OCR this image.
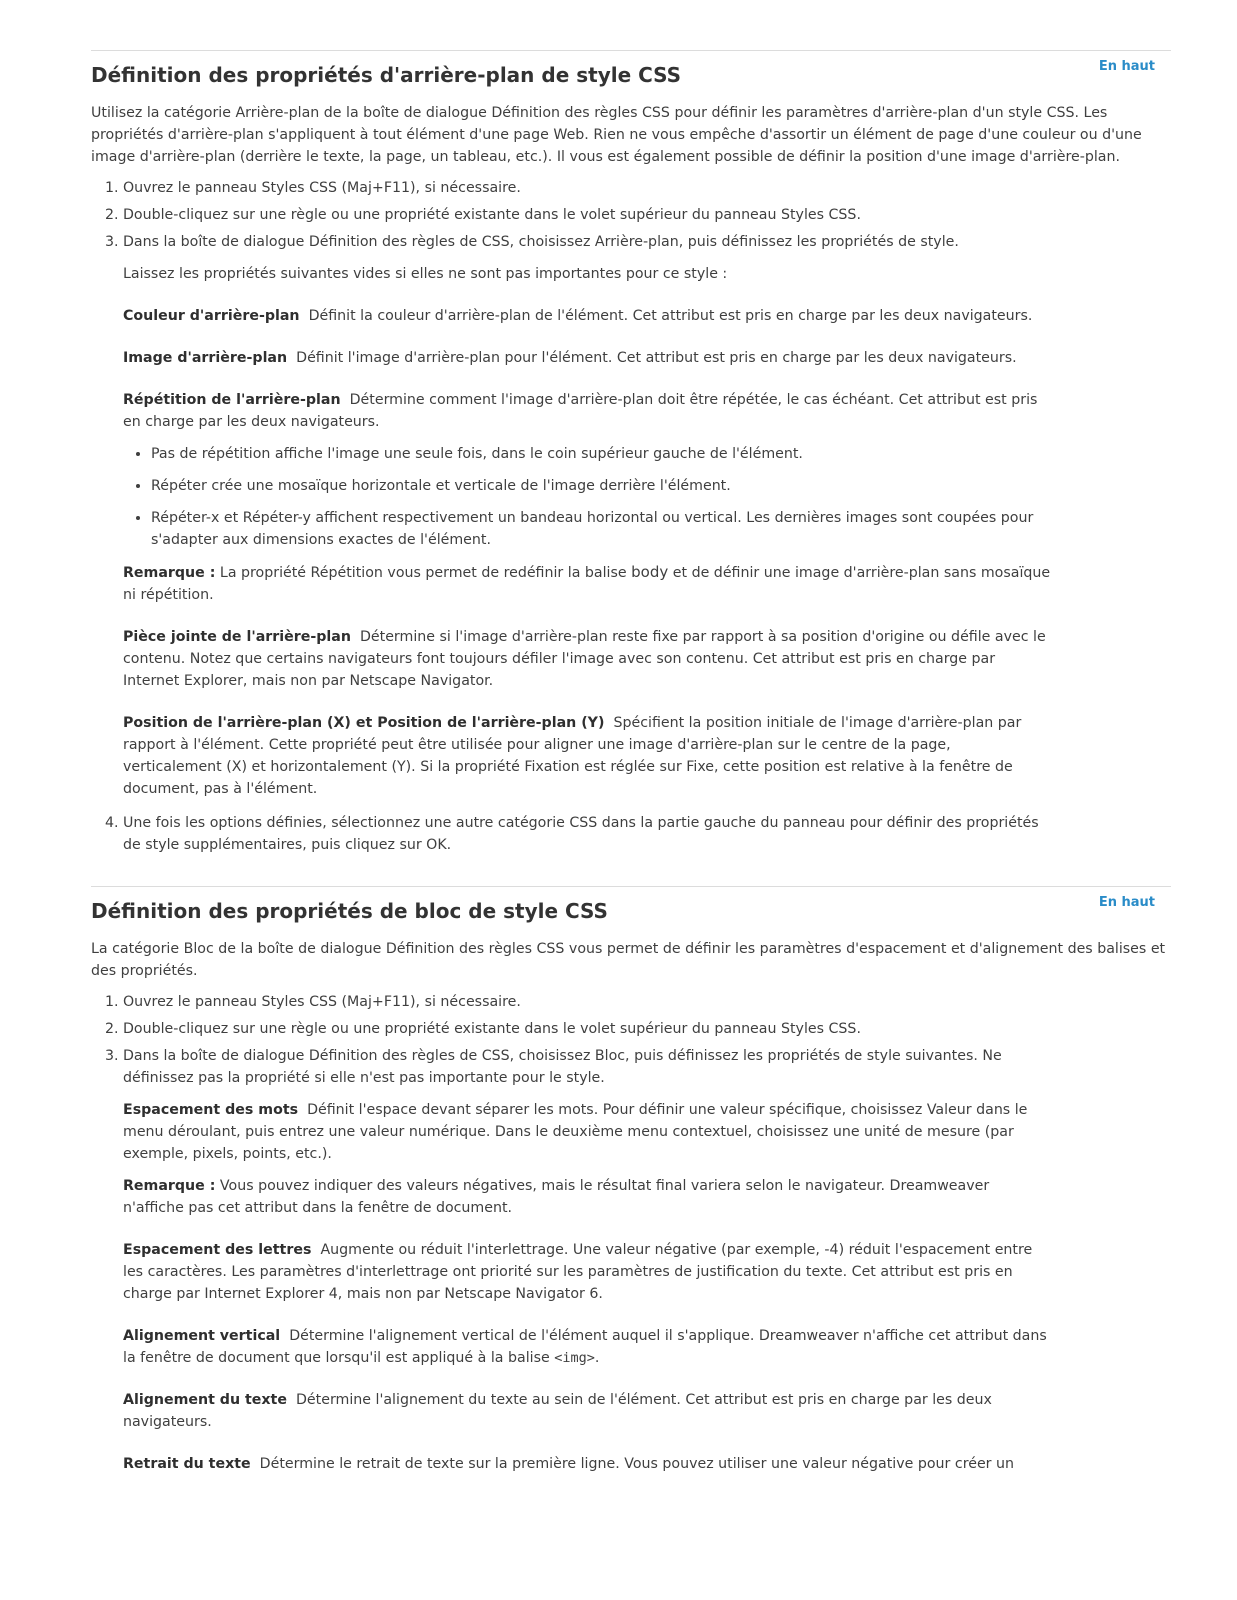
En haut
Définition des propriétés d'arrière-plan de style CSS

Utilisez la catégorie Arrière-plan de la boîte de dialogue Définition des règles CSS pour définir les paramètres d'arrière-plan d'un style CSS. Les propriétés d'arrière-plan s'appliquent à tout élément d'une page Web. Rien ne vous empêche d'assortir un élément de page d'une couleur ou d'une image d'arrière-plan (derrière le texte, la page, un tableau, etc.). Il vous est également possible de définir la position d'une image d'arrière-plan.

1. Ouvrez le panneau Styles CSS (Maj+F11), si nécessaire.
2. Double-cliquez sur une règle ou une propriété existante dans le volet supérieur du panneau Styles CSS.
3. Dans la boîte de dialogue Définition des règles de CSS, choisissez Arrière-plan, puis définissez les propriétés de style.

Laissez les propriétés suivantes vides si elles ne sont pas importantes pour ce style :

Couleur d'arrière-plan Définit la couleur d'arrière-plan de l'élément. Cet attribut est pris en charge par les deux navigateurs.

Image d'arrière-plan Définit l'image d'arrière-plan pour l'élément. Cet attribut est pris en charge par les deux navigateurs.

Répétition de l'arrière-plan Détermine comment l'image d'arrière-plan doit être répétée, le cas échéant. Cet attribut est pris en charge par les deux navigateurs.

• Pas de répétition affiche l'image une seule fois, dans le coin supérieur gauche de l'élément.
• Répéter crée une mosaïque horizontale et verticale de l'image derrière l'élément.
• Répéter-x et Répéter-y affichent respectivement un bandeau horizontal ou vertical. Les dernières images sont coupées pour s'adapter aux dimensions exactes de l'élément.

Remarque : La propriété Répétition vous permet de redéfinir la balise body et de définir une image d'arrière-plan sans mosaïque ni répétition.

Pièce jointe de l'arrière-plan Détermine si l'image d'arrière-plan reste fixe par rapport à sa position d'origine ou défile avec le contenu. Notez que certains navigateurs font toujours défiler l'image avec son contenu. Cet attribut est pris en charge par Internet Explorer, mais non par Netscape Navigator.

Position de l'arrière-plan (X) et Position de l'arrière-plan (Y) Spécifient la position initiale de l'image d'arrière-plan par rapport à l'élément. Cette propriété peut être utilisée pour aligner une image d'arrière-plan sur le centre de la page, verticalement (X) et horizontalement (Y). Si la propriété Fixation est réglée sur Fixe, cette position est relative à la fenêtre de document, pas à l'élément.

4. Une fois les options définies, sélectionnez une autre catégorie CSS dans la partie gauche du panneau pour définir des propriétés de style supplémentaires, puis cliquez sur OK.
En haut
Définition des propriétés de bloc de style CSS

La catégorie Bloc de la boîte de dialogue Définition des règles CSS vous permet de définir les paramètres d'espacement et d'alignement des balises et des propriétés.

1. Ouvrez le panneau Styles CSS (Maj+F11), si nécessaire.
2. Double-cliquez sur une règle ou une propriété existante dans le volet supérieur du panneau Styles CSS.
3. Dans la boîte de dialogue Définition des règles de CSS, choisissez Bloc, puis définissez les propriétés de style suivantes. Ne définissez pas la propriété si elle n'est pas importante pour le style.

Espacement des mots Définit l'espace devant séparer les mots. Pour définir une valeur spécifique, choisissez Valeur dans le menu déroulant, puis entrez une valeur numérique. Dans le deuxième menu contextuel, choisissez une unité de mesure (par exemple, pixels, points, etc.).

Remarque : Vous pouvez indiquer des valeurs négatives, mais le résultat final variera selon le navigateur. Dreamweaver n'affiche pas cet attribut dans la fenêtre de document.

Espacement des lettres Augmente ou réduit l'interlettrage. Une valeur négative (par exemple, -4) réduit l'espacement entre les caractères. Les paramètres d'interlettrage ont priorité sur les paramètres de justification du texte. Cet attribut est pris en charge par Internet Explorer 4, mais non par Netscape Navigator 6.

Alignement vertical Détermine l'alignement vertical de l'élément auquel il s'applique. Dreamweaver n'affiche cet attribut dans la fenêtre de document que lorsqu'il est appliqué à la balise <img>.

Alignement du texte Détermine l'alignement du texte au sein de l'élément. Cet attribut est pris en charge par les deux navigateurs.

Retrait du texte Détermine le retrait de texte sur la première ligne. Vous pouvez utiliser une valeur négative pour créer un
